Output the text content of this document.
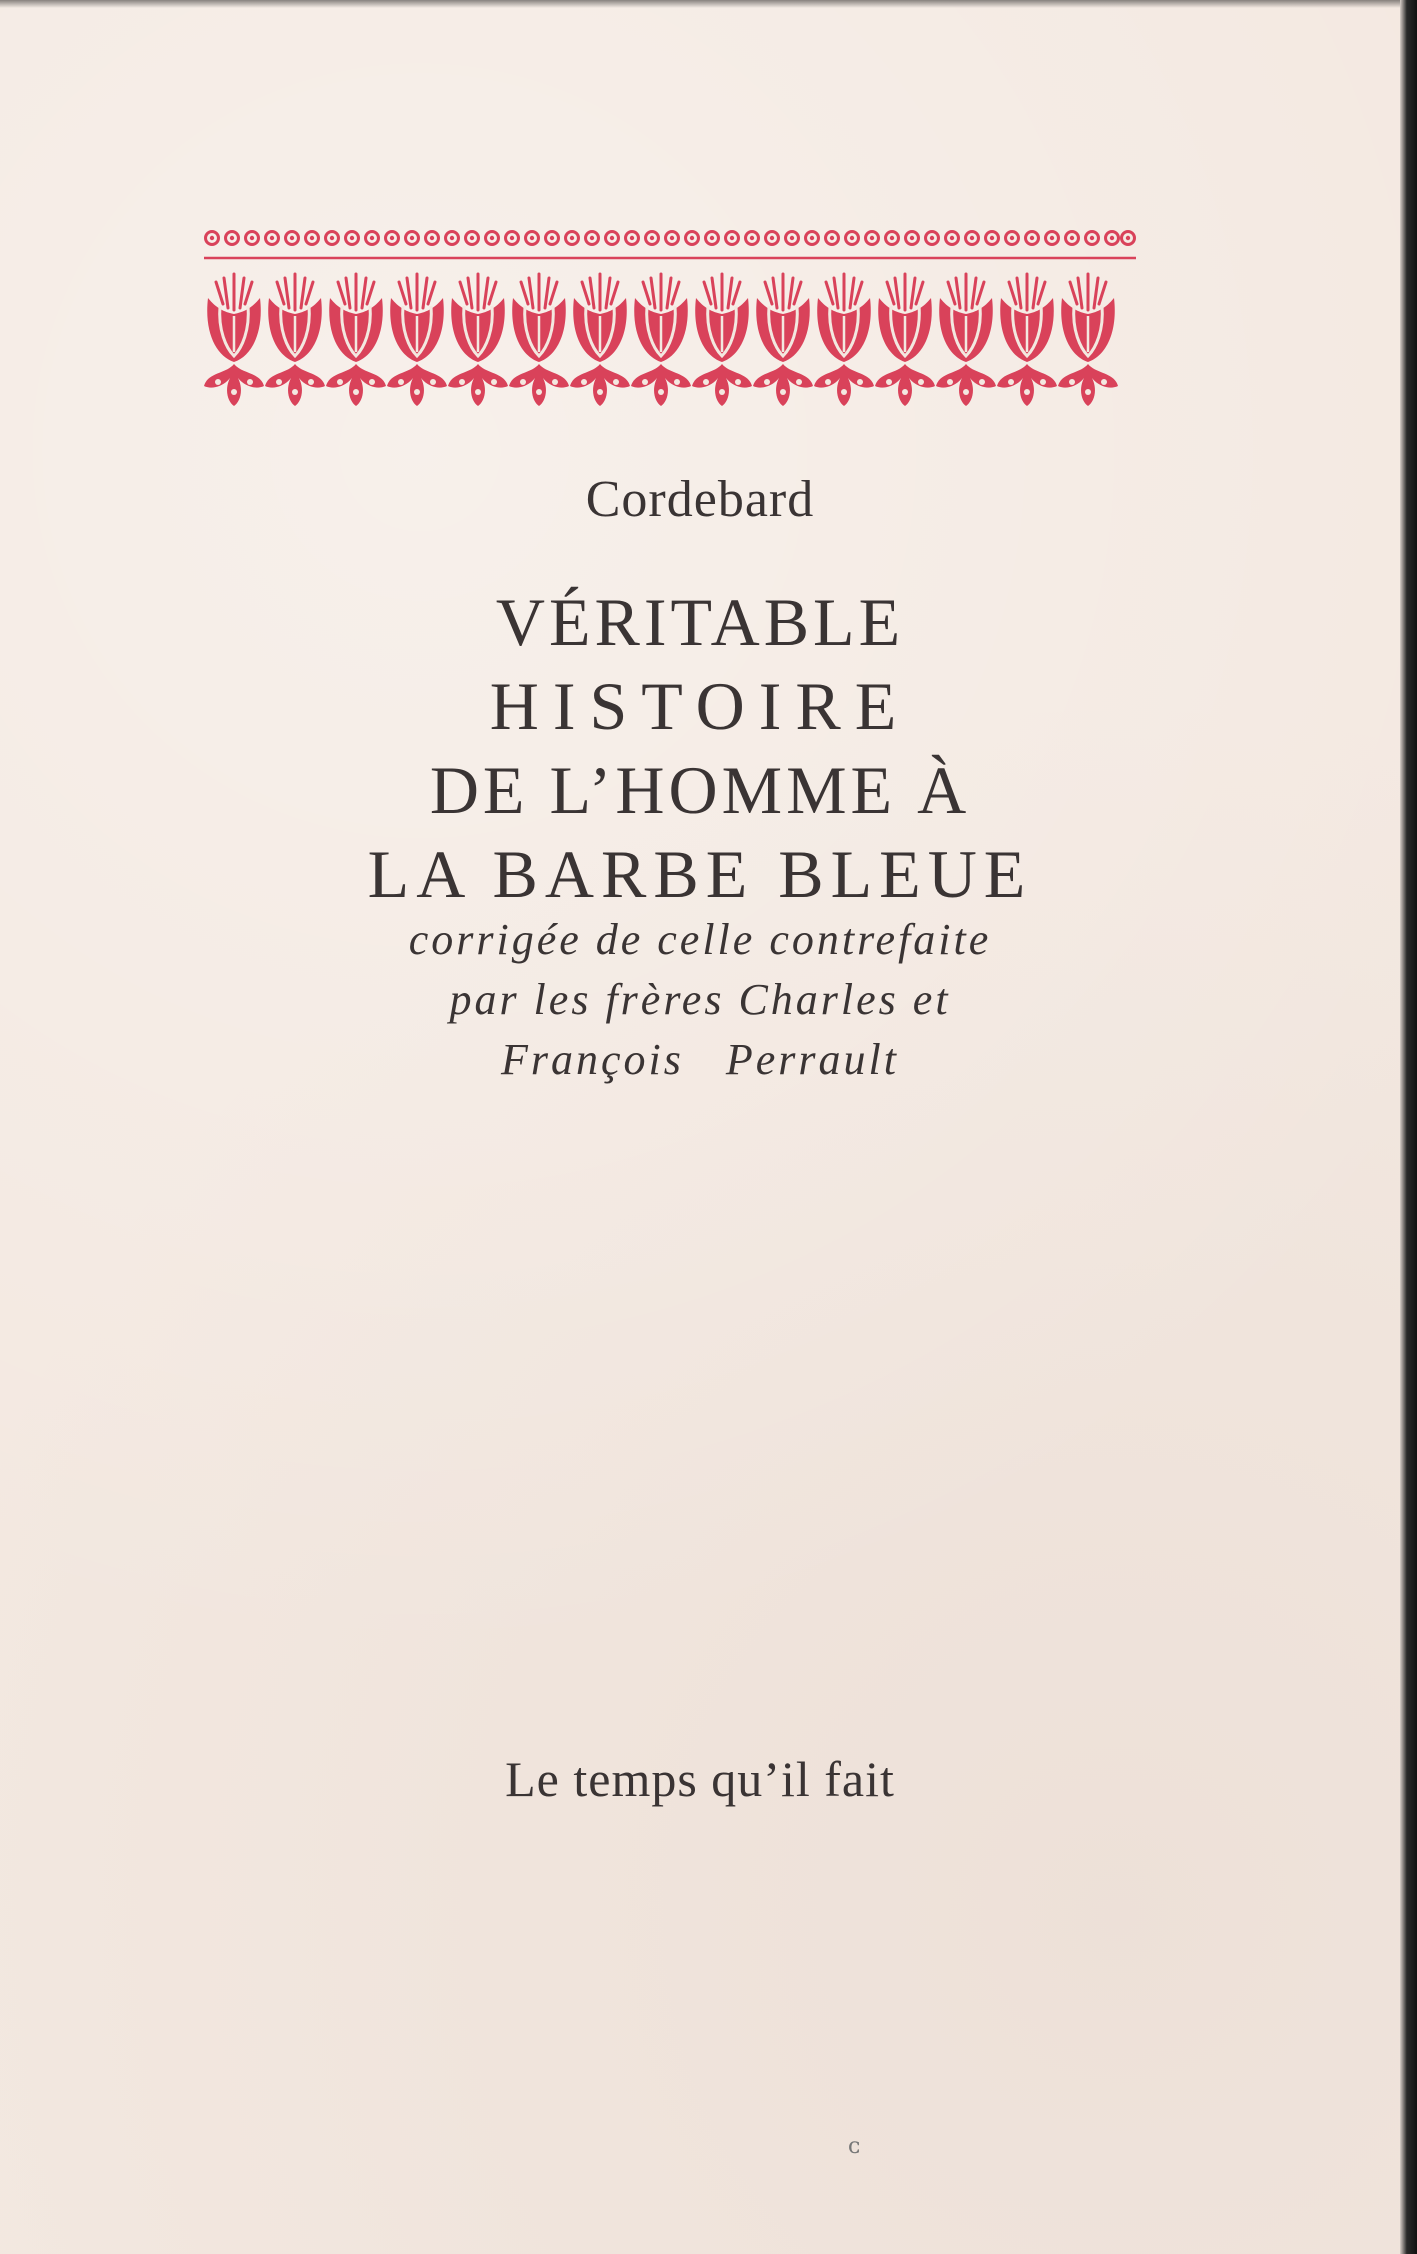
Cordebard
VÉRITABLE
HISTOIRE
DE L’HOMME À
LA BARBE BLEUE
corrigée de celle contrefaite
par les frères Charles et
François   Perrault
Le temps qu’il fait
ᴄ
